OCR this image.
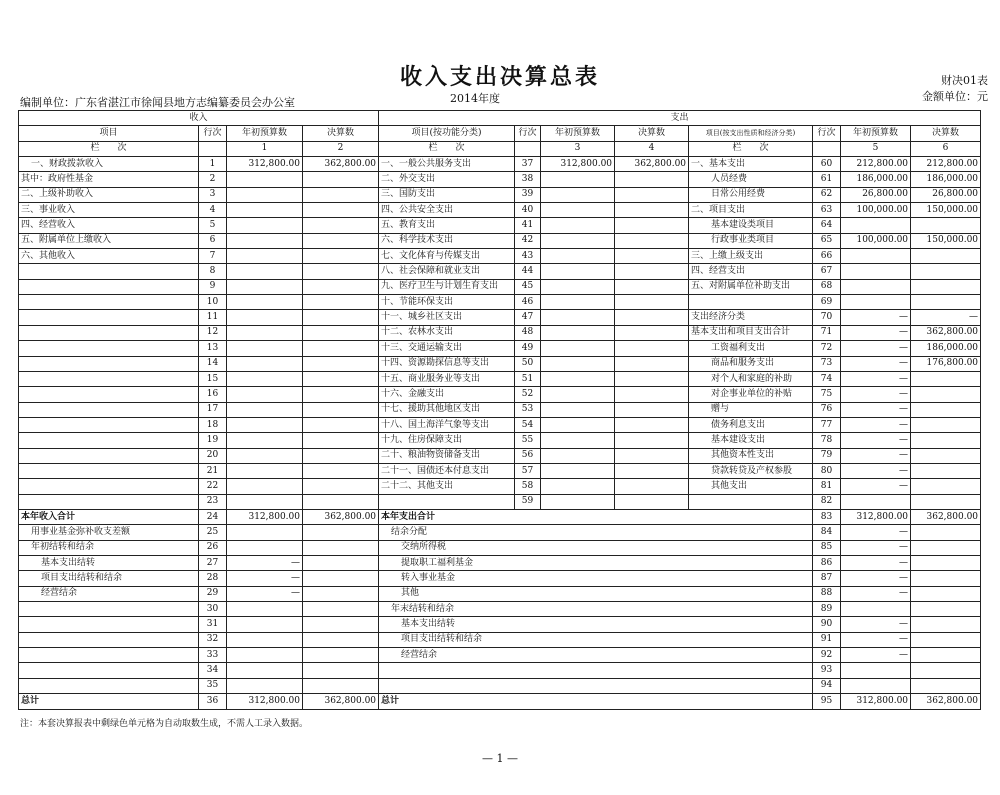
收入支出决算总表	财决01表
金额单位：元
编制单位：广东省湛江市徐闻县地方志编纂委员会办公室	2014年度
收入				支出							
项目	行次	年初预算数	决算数	项目(按功能分类)	行次	年初预算数	决算数	项目(按支出性质和经济分类)	行次	年初预算数	决算数
栏　　次		1	2	栏　　次		3	4	栏　　次		5	6
一、财政拨款收入	1	312,800.00	362,800.00	一、一般公共服务支出	37	312,800.00	362,800.00	一、基本支出	60	212,800.00	212,800.00
其中：政府性基金	2			二、外交支出	38			人员经费	61	186,000.00	186,000.00
二、上级补助收入	3			三、国防支出	39			日常公用经费	62	26,800.00	26,800.00
三、事业收入	4			四、公共安全支出	40			二、项目支出	63	100,000.00	150,000.00
四、经营收入	5			五、教育支出	41			基本建设类项目	64		
五、附属单位上缴收入	6			六、科学技术支出	42			行政事业类项目	65	100,000.00	150,000.00
六、其他收入	7			七、文化体育与传媒支出	43			三、上缴上级支出	66		
	8			八、社会保障和就业支出	44			四、经营支出	67		
	9			九、医疗卫生与计划生育支出	45			五、对附属单位补助支出	68		
	10			十、节能环保支出	46				69		
	11			十一、城乡社区支出	47			支出经济分类	70	—	—
	12			十二、农林水支出	48			基本支出和项目支出合计	71	—	362,800.00
	13			十三、交通运输支出	49			工资福利支出	72	—	186,000.00
	14			十四、资源勘探信息等支出	50			商品和服务支出	73	—	176,800.00
	15			十五、商业服务业等支出	51			对个人和家庭的补助	74	—	
	16			十六、金融支出	52			对企事业单位的补贴	75	—	
	17			十七、援助其他地区支出	53			赠与	76	—	
	18			十八、国土海洋气象等支出	54			债务利息支出	77	—	
	19			十九、住房保障支出	55			基本建设支出	78	—	
	20			二十、粮油物资储备支出	56			其他资本性支出	79	—	
	21			二十一、国债还本付息支出	57			贷款转贷及产权参股	80	—	
	22			二十二、其他支出	58			其他支出	81	—	
	23				59				82		
本年收入合计	24	312,800.00	362,800.00	本年支出合计					83	312,800.00	362,800.00
用事业基金弥补收支差额	25			结余分配					84	—	
年初结转和结余	26			交纳所得税					85	—	
基本支出结转	27	—		提取职工福利基金					86	—	
项目支出结转和结余	28	—		转入事业基金					87	—	
经营结余	29	—		其他					88	—	
	30			年末结转和结余					89		
	31			基本支出结转					90	—	
	32			项目支出结转和结余					91	—	
	33			经营结余					92	—	
	34								93		
	35								94		
总计	36	312,800.00	362,800.00	总计					95	312,800.00	362,800.00
注：本套决算报表中剩绿色单元格为自动取数生成，不需人工录入数据。
— 1 —
